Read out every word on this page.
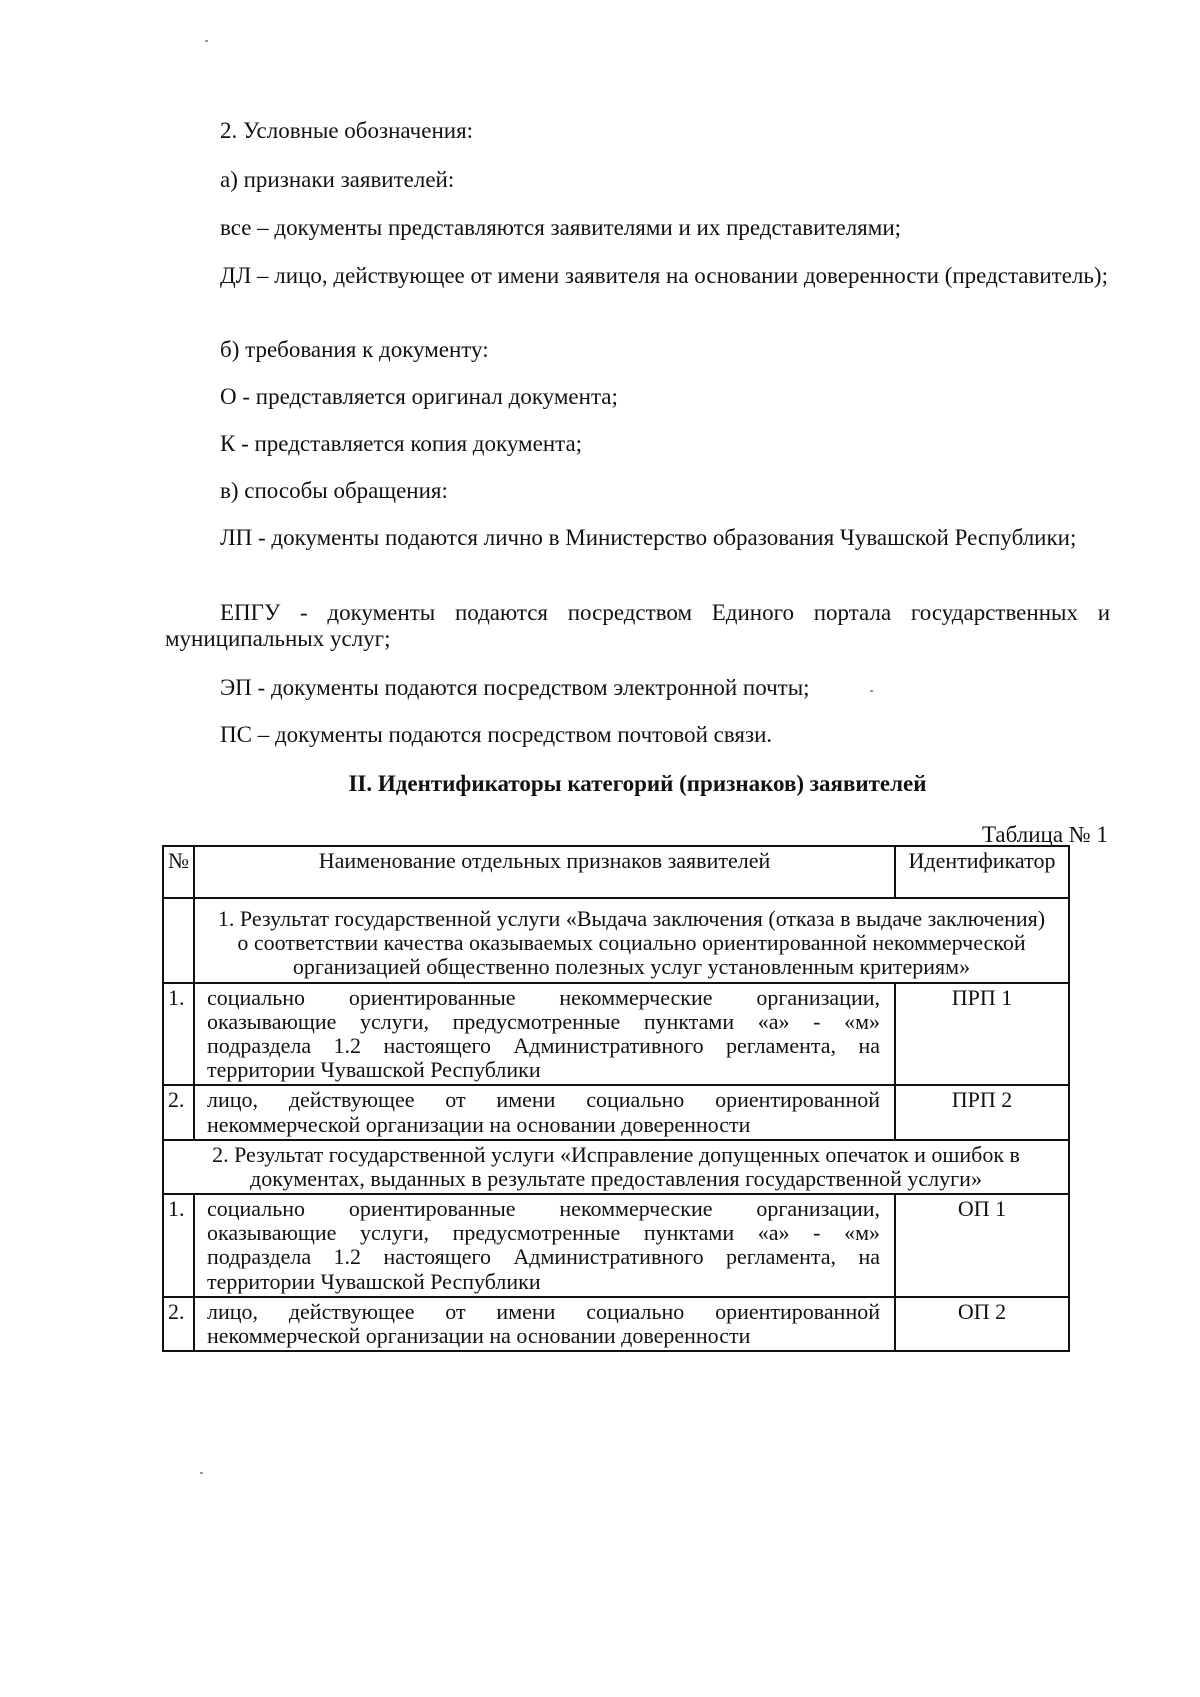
2. Условные обозначения:

а) признаки заявителей:

все – документы представляются заявителями и их представителями;

ДЛ – лицо, действующее от имени заявителя на основании доверенности (представитель);

б) требования к документу:

О - представляется оригинал документа;

К - представляется копия документа;

в) способы обращения:

ЛП - документы подаются лично в Министерство образования Чувашской Республики;

ЕПГУ - документы подаются посредством Единого портала государственных и муниципальных услуг;

ЭП - документы подаются посредством электронной почты;

ПС – документы подаются посредством почтовой связи.

II. Идентификаторы категорий (признаков) заявителей
Таблица № 1
№	Наименование отдельных признаков заявителей	Идентификатор
	1. Результат государственной услуги «Выдача заключения (отказа в выдаче заключения) о соответствии качества оказываемых социально ориентированной некоммерческой организацией общественно полезных услуг установленным критериям»	
1.	социально ориентированные некоммерческие организации, оказывающие услуги, предусмотренные пунктами «а» - «м» подраздела 1.2 настоящего Административного регламента, на территории Чувашской Республики	ПРП 1
2.	лицо, действующее от имени социально ориентированной некоммерческой организации на основании доверенности	ПРП 2
2. Результат государственной услуги «Исправление допущенных опечаток и ошибок в документах, выданных в результате предоставления государственной услуги»		
1.	социально ориентированные некоммерческие организации, оказывающие услуги, предусмотренные пунктами «а» - «м» подраздела 1.2 настоящего Административного регламента, на территории Чувашской Республики	ОП 1
2.	лицо, действующее от имени социально ориентированной некоммерческой организации на основании доверенности	ОП 2
